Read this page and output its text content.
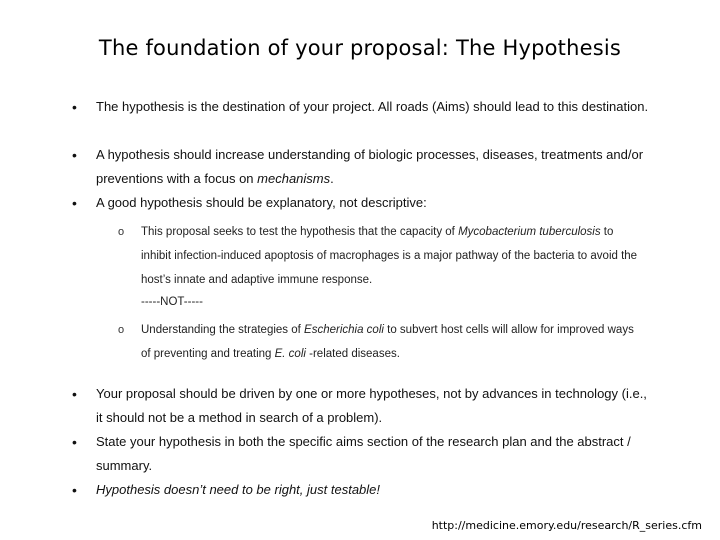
The foundation of your proposal: The Hypothesis
•	The hypothesis is the destination of your project. All roads (Aims) should lead to this destination.
•	A hypothesis should increase understanding of biologic processes, diseases, treatments and/or preventions with a focus on mechanisms.
•	A good hypothesis should be explanatory, not descriptive:
o This proposal seeks to test the hypothesis that the capacity of Mycobacterium tuberculosis to inhibit infection-induced apoptosis of macrophages is a major pathway of the bacteria to avoid the host’s innate and adaptive immune response.
-----NOT-----
o Understanding the strategies of Escherichia coli to subvert host cells will allow for improved ways of preventing and treating E. coli -related diseases.
•	Your proposal should be driven by one or more hypotheses, not by advances in technology (i.e., it should not be a method in search of a problem).
•	State your hypothesis in both the specific aims section of the research plan and the abstract / summary.
•	Hypothesis doesn’t need to be right, just testable!
http://medicine.emory.edu/research/R_series.cfm
